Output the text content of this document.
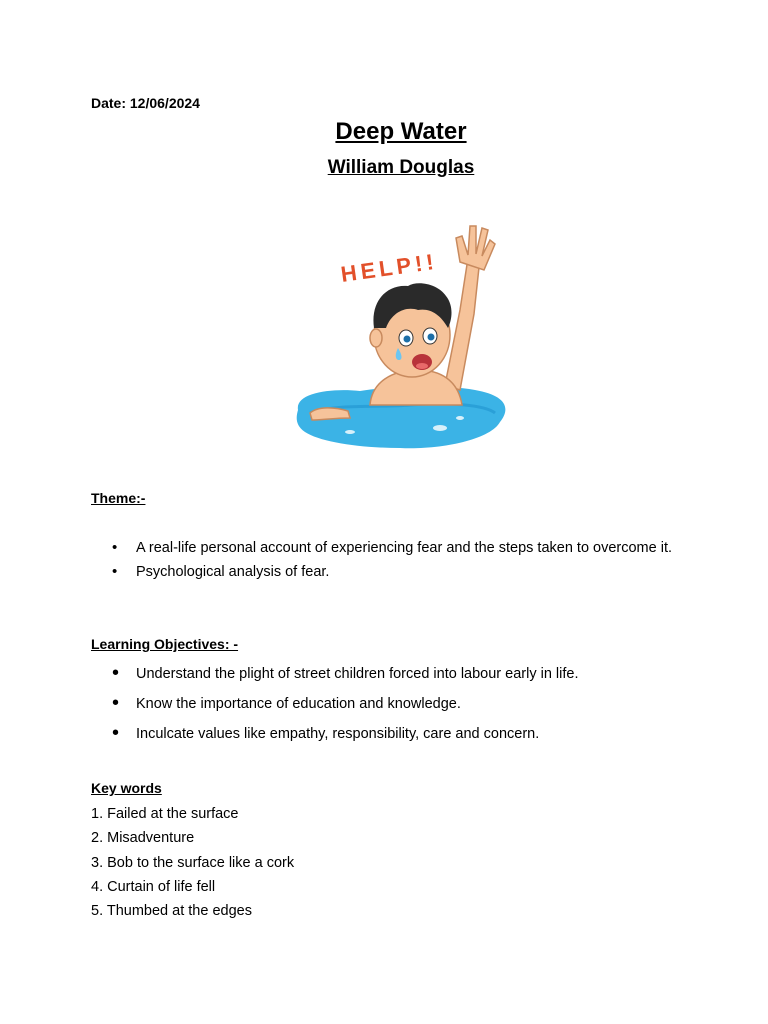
Date: 12/06/2024
Deep Water
William Douglas
HELP!!
Theme:-
• A real-life personal account of experiencing fear and the steps taken to overcome it.
• Psychological analysis of fear.
Learning Objectives: -
• Understand the plight of street children forced into labour early in life.
• Know the importance of education and knowledge.
• Inculcate values like empathy, responsibility, care and concern.
Key words
1. Failed at the surface
2. Misadventure
3. Bob to the surface like a cork
4. Curtain of life fell
5. Thumbed at the edges
